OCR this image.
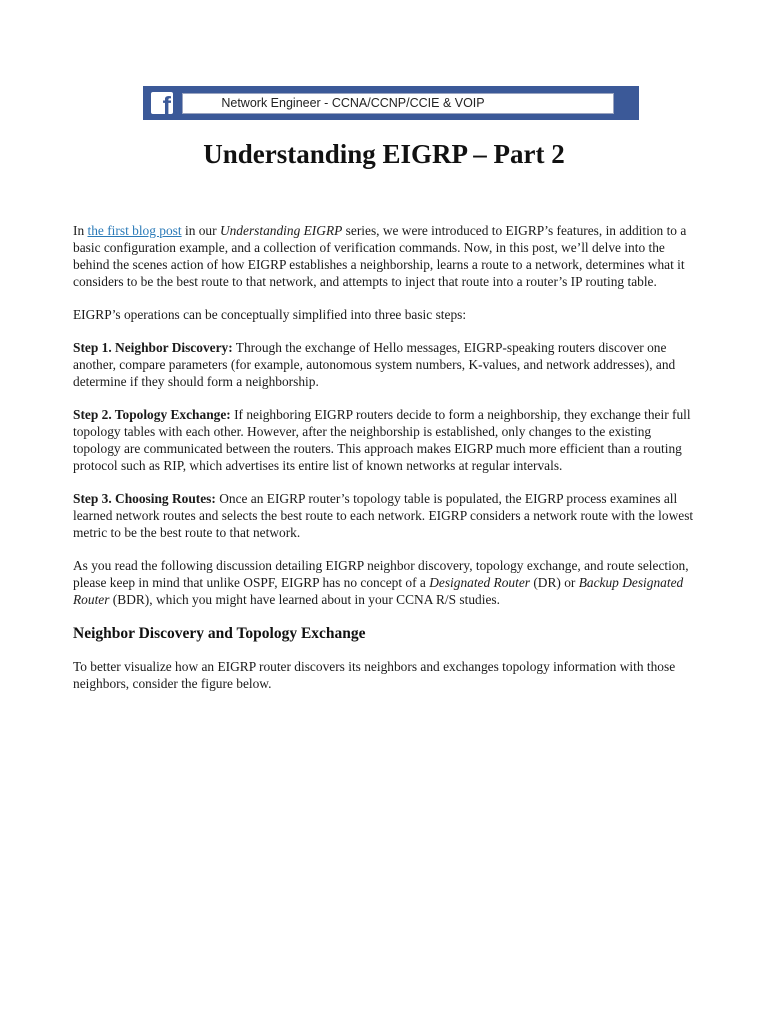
f	Network Engineer - CCNA/CCNP/CCIE & VOIP
Understanding EIGRP – Part 2

In the first blog post in our Understanding EIGRP series, we were introduced to EIGRP’s features, in addition to a basic configuration example, and a collection of verification commands. Now, in this post, we’ll delve into the behind the scenes action of how EIGRP establishes a neighborship, learns a route to a network, determines what it considers to be the best route to that network, and attempts to inject that route into a router’s IP routing table.

EIGRP’s operations can be conceptually simplified into three basic steps:

Step 1. Neighbor Discovery: Through the exchange of Hello messages, EIGRP-speaking routers discover one another, compare parameters (for example, autonomous system numbers, K-values, and network addresses), and determine if they should form a neighborship.

Step 2. Topology Exchange: If neighboring EIGRP routers decide to form a neighborship, they exchange their full topology tables with each other. However, after the neighborship is established, only changes to the existing topology are communicated between the routers. This approach makes EIGRP much more efficient than a routing protocol such as RIP, which advertises its entire list of known networks at regular intervals.

Step 3. Choosing Routes: Once an EIGRP router’s topology table is populated, the EIGRP process examines all learned network routes and selects the best route to each network. EIGRP considers a network route with the lowest metric to be the best route to that network.

As you read the following discussion detailing EIGRP neighbor discovery, topology exchange, and route selection, please keep in mind that unlike OSPF, EIGRP has no concept of a Designated Router (DR) or Backup Designated Router (BDR), which you might have learned about in your CCNA R/S studies.

Neighbor Discovery and Topology Exchange

To better visualize how an EIGRP router discovers its neighbors and exchanges topology information with those neighbors, consider the figure below.
